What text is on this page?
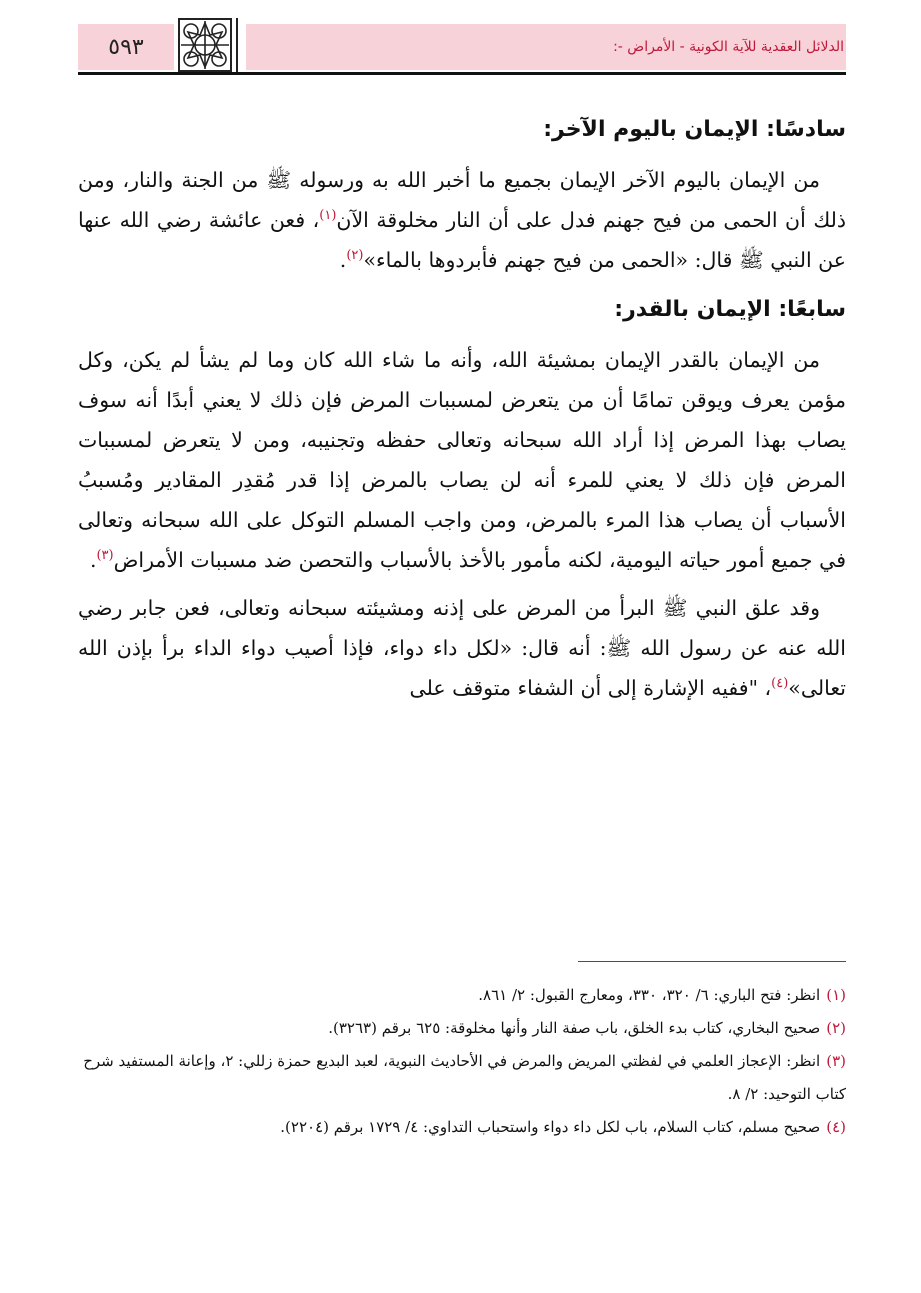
٥٩٣	الدلائل العقدية للآية الكونية - الأمراض -:
سادسًا: الإيمان باليوم الآخر:

من الإيمان باليوم الآخر الإيمان بجميع ما أخبر الله به ورسوله ﷺ من الجنة والنار، ومن ذلك أن الحمى من فيح جهنم فدل على أن النار مخلوقة الآن$^{(١)}$، فعن عائشة رضي الله عنها عن النبي ﷺ قال: «الحمى من فيح جهنم فأبردوها بالماء»$^{(٢)}$.

سابعًا: الإيمان بالقدر:

من الإيمان بالقدر الإيمان بمشيئة الله، وأنه ما شاء الله كان وما لم يشأ لم يكن، وكل مؤمن يعرف ويوقن تمامًا أن من يتعرض لمسببات المرض فإن ذلك لا يعني أبدًا أنه سوف يصاب بهذا المرض إذا أراد الله سبحانه وتعالى حفظه وتجنيبه، ومن لا يتعرض لمسببات المرض فإن ذلك لا يعني للمرء أنه لن يصاب بالمرض إذا قدر مُقدِر المقادير ومُسببُ الأسباب أن يصاب هذا المرء بالمرض، ومن واجب المسلم التوكل على الله سبحانه وتعالى في جميع أمور حياته اليومية، لكنه مأمور بالأخذ بالأسباب والتحصن ضد مسببات الأمراض$^{(٣)}$.

وقد علق النبي ﷺ البرأ من المرض على إذنه ومشيئته سبحانه وتعالى، فعن جابر رضي الله عنه عن رسول الله ﷺ: أنه قال: «لكل داء دواء، فإذا أصيب دواء الداء برأ بإذن الله تعالى»$^{(٤)}$، "ففيه الإشارة إلى أن الشفاء متوقف على

(١)انظر: فتح الباري: ٦/ ٣٢٠، ٣٣٠، ومعارج القبول: ٢/ ٨٦١.

(٢)صحيح البخاري، كتاب بدء الخلق، باب صفة النار وأنها مخلوقة: ٦٢٥ برقم (٣٢٦٣).

(٣)انظر: الإعجاز العلمي في لفظتي المريض والمرض في الأحاديث النبوية، لعبد البديع حمزة زللي: ٢، وإعانة المستفيد شرح كتاب التوحيد: ٢/ ٨.

(٤)صحيح مسلم، كتاب السلام، باب لكل داء دواء واستحباب التداوي: ٤/ ١٧٢٩ برقم (٢٢٠٤).
